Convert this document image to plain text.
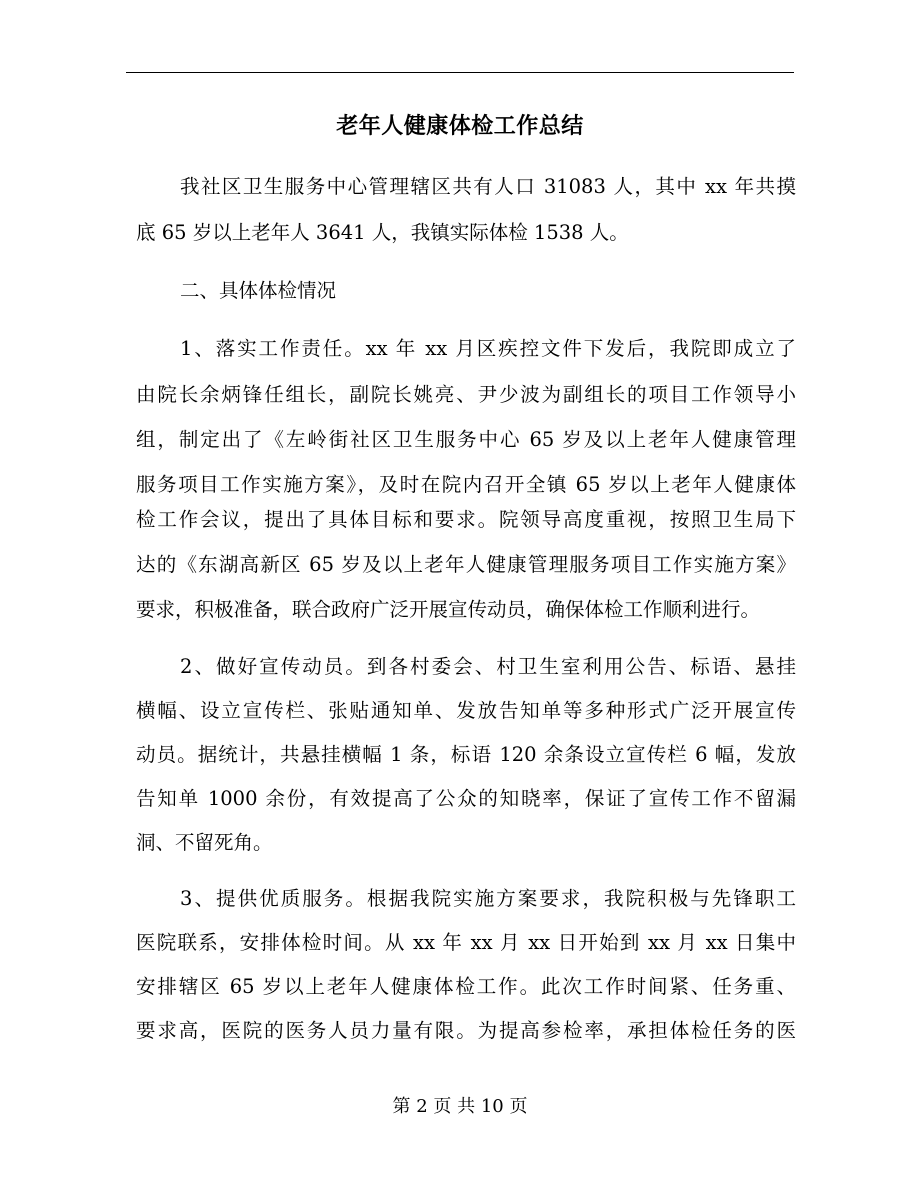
老年人健康体检工作总结
我社区卫生服务中心管理辖区共有人口 31083 人，其中 xx 年共摸
底 65 岁以上老年人 3641 人，我镇实际体检 1538 人。
二、具体体检情况
1、落实工作责任。xx 年 xx 月区疾控文件下发后，我院即成立了
由院长余炳锋任组长，副院长姚亮、尹少波为副组长的项目工作领导小
组，制定出了《左岭街社区卫生服务中心 65 岁及以上老年人健康管理
服务项目工作实施方案》，及时在院内召开全镇 65 岁以上老年人健康体
检工作会议，提出了具体目标和要求。院领导高度重视，按照卫生局下
达的《东湖高新区 65 岁及以上老年人健康管理服务项目工作实施方案》
要求，积极准备，联合政府广泛开展宣传动员，确保体检工作顺利进行。
2、做好宣传动员。到各村委会、村卫生室利用公告、标语、悬挂
横幅、设立宣传栏、张贴通知单、发放告知单等多种形式广泛开展宣传
动员。据统计，共悬挂横幅 1 条，标语 120 余条设立宣传栏 6 幅，发放
告知单 1000 余份，有效提高了公众的知晓率，保证了宣传工作不留漏
洞、不留死角。
3、提供优质服务。根据我院实施方案要求，我院积极与先锋职工
医院联系，安排体检时间。从 xx 年 xx 月 xx 日开始到 xx 月 xx 日集中
安排辖区 65 岁以上老年人健康体检工作。此次工作时间紧、任务重、
要求高，医院的医务人员力量有限。为提高参检率，承担体检任务的医
第 2 页 共 10 页
